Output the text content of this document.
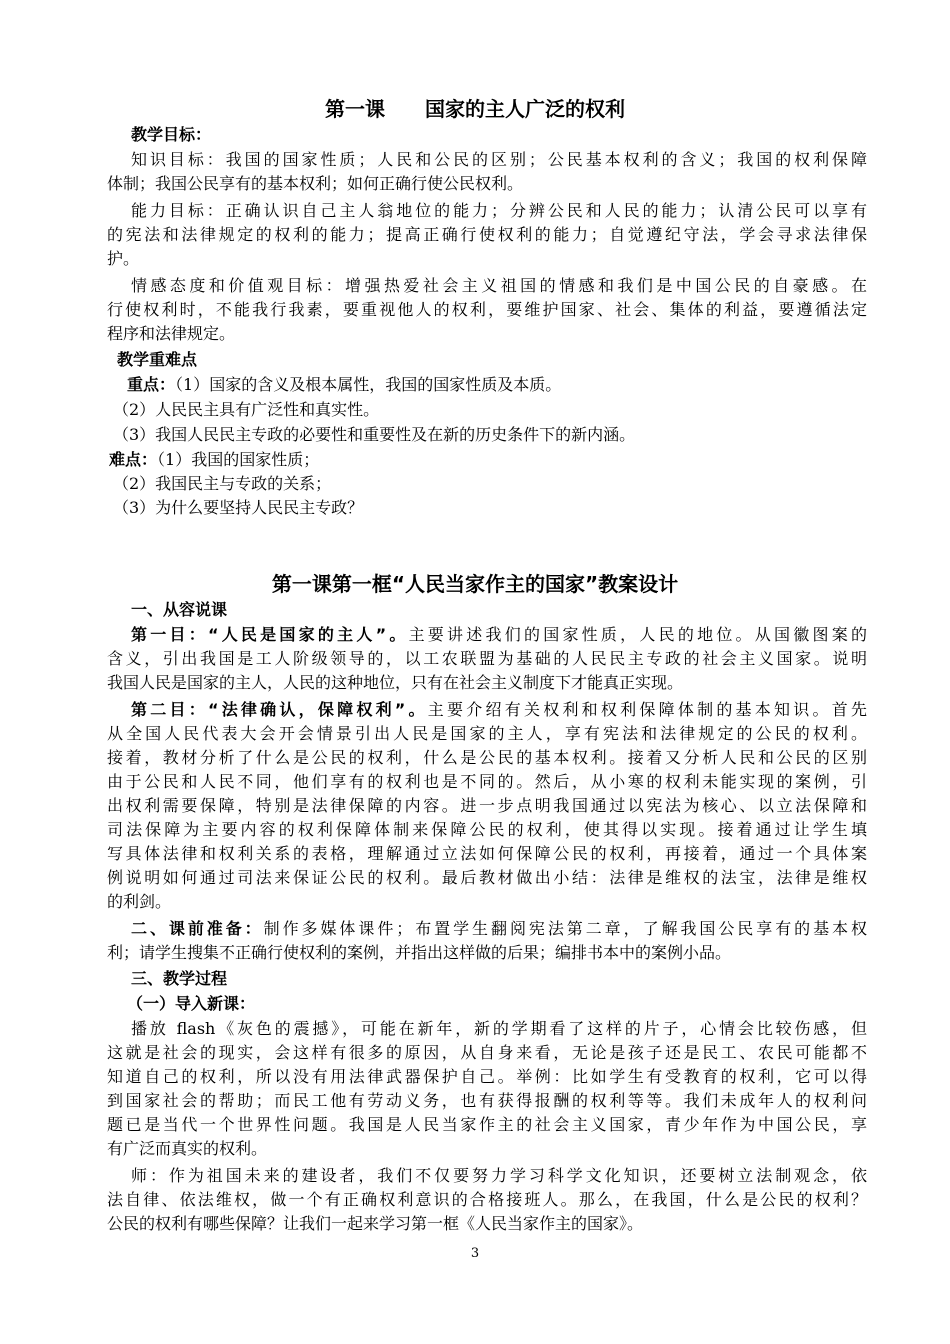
第一课　　国家的主人广泛的权利
教学目标：
知识目标：我国的国家性质；人民和公民的区别；公民基本权利的含义；我国的权利保障
体制；我国公民享有的基本权利；如何正确行使公民权利。
能力目标：正确认识自己主人翁地位的能力；分辨公民和人民的能力；认清公民可以享有
的宪法和法律规定的权利的能力；提高正确行使权利的能力；自觉遵纪守法，学会寻求法律保
护。
情感态度和价值观目标：增强热爱社会主义祖国的情感和我们是中国公民的自豪感。在
行使权利时，不能我行我素，要重视他人的权利，要维护国家、社会、集体的利益，要遵循法定
程序和法律规定。
教学重难点
重点：（1）国家的含义及根本属性，我国的国家性质及本质。
（2）人民民主具有广泛性和真实性。
（3）我国人民民主专政的必要性和重要性及在新的历史条件下的新内涵。
难点：（1）我国的国家性质；
（2）我国民主与专政的关系；
（3）为什么要坚持人民民主专政？
第一课第一框“人民当家作主的国家”教案设计
一、从容说课
第一目：“人民是国家的主人”。主要讲述我们的国家性质，人民的地位。从国徽图案的
含义，引出我国是工人阶级领导的，以工农联盟为基础的人民民主专政的社会主义国家。说明
我国人民是国家的主人，人民的这种地位，只有在社会主义制度下才能真正实现。
第二目：“法律确认，保障权利”。主要介绍有关权利和权利保障体制的基本知识。首先
从全国人民代表大会开会情景引出人民是国家的主人，享有宪法和法律规定的公民的权利。
接着，教材分析了什么是公民的权利，什么是公民的基本权利。接着又分析人民和公民的区别
由于公民和人民不同，他们享有的权利也是不同的。然后，从小寒的权利未能实现的案例，引
出权利需要保障，特别是法律保障的内容。进一步点明我国通过以宪法为核心、以立法保障和
司法保障为主要内容的权利保障体制来保障公民的权利，使其得以实现。接着通过让学生填
写具体法律和权利关系的表格，理解通过立法如何保障公民的权利，再接着，通过一个具体案
例说明如何通过司法来保证公民的权利。最后教材做出小结：法律是维权的法宝，法律是维权
的利剑。
二、课前准备：制作多媒体课件；布置学生翻阅宪法第二章，了解我国公民享有的基本权
利；请学生搜集不正确行使权利的案例，并指出这样做的后果；编排书本中的案例小品。
三、教学过程
（一）导入新课：
播放 flash《灰色的震撼》，可能在新年，新的学期看了这样的片子，心情会比较伤感，但
这就是社会的现实，会这样有很多的原因，从自身来看，无论是孩子还是民工、农民可能都不
知道自己的权利，所以没有用法律武器保护自己。举例：比如学生有受教育的权利，它可以得
到国家社会的帮助；而民工他有劳动义务，也有获得报酬的权利等等。我们未成年人的权利问
题已是当代一个世界性问题。我国是人民当家作主的社会主义国家，青少年作为中国公民，享
有广泛而真实的权利。
师：作为祖国未来的建设者，我们不仅要努力学习科学文化知识，还要树立法制观念，依
法自律、依法维权，做一个有正确权利意识的合格接班人。那么，在我国，什么是公民的权利？
公民的权利有哪些保障？让我们一起来学习第一框《人民当家作主的国家》。
3
